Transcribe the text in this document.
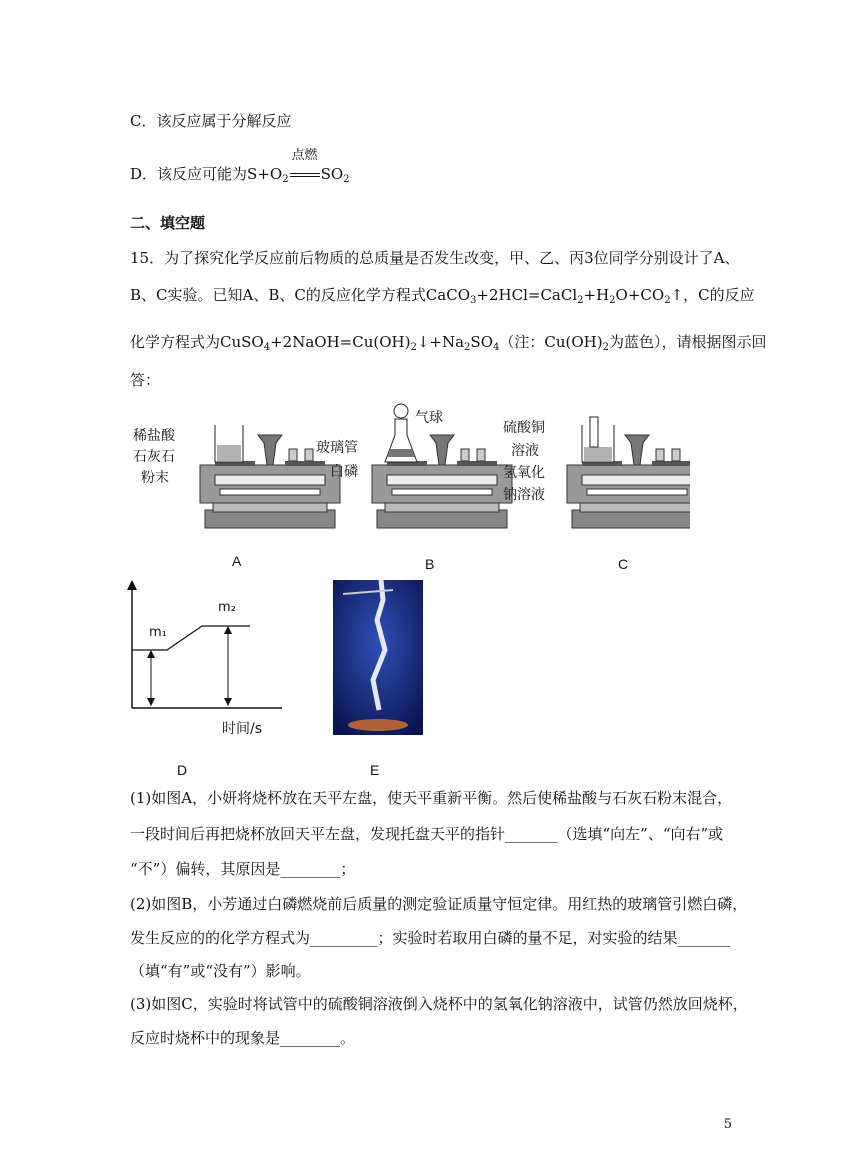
C．该反应属于分解反应
D．该反应可能为$S+O_2$
点燃
$SO_2$
二、填空题
15．为了探究化学反应前后物质的总质量是否发生改变，甲、乙、丙3位同学分别设计了A、
B、C实验。已知A、B、C的反应化学方程式$CaCO_3+2HCl=CaCl_2+H_2O+CO_2↑$，C的反应
化学方程式为$CuSO_4+2NaOH=Cu(OH)_2↓+Na_2SO_4$（注：$Cu(OH)_2$为蓝色），请根据图示回
答：
稀盐酸
石灰石
粉末
气球
玻璃管
白磷
硫酸铜
溶液
氢氧化
钠溶液
A	B	C
m₁
m₂
时间/s
D	E
(1)如图A，小妍将烧杯放在天平左盘，使天平重新平衡。然后使稀盐酸与石灰石粉末混合，
一段时间后再把烧杯放回天平左盘，发现托盘天平的指针_______（选填“向左”、“向右”或
“不”）偏转，其原因是________；
(2)如图B，小芳通过白磷燃烧前后质量的测定验证质量守恒定律。用红热的玻璃管引燃白磷，
发生反应的的化学方程式为_________；实验时若取用白磷的量不足，对实验的结果_______
（填“有”或“没有”）影响。
(3)如图C，实验时将试管中的硫酸铜溶液倒入烧杯中的氢氧化钠溶液中，试管仍然放回烧杯，
反应时烧杯中的现象是________。
5
